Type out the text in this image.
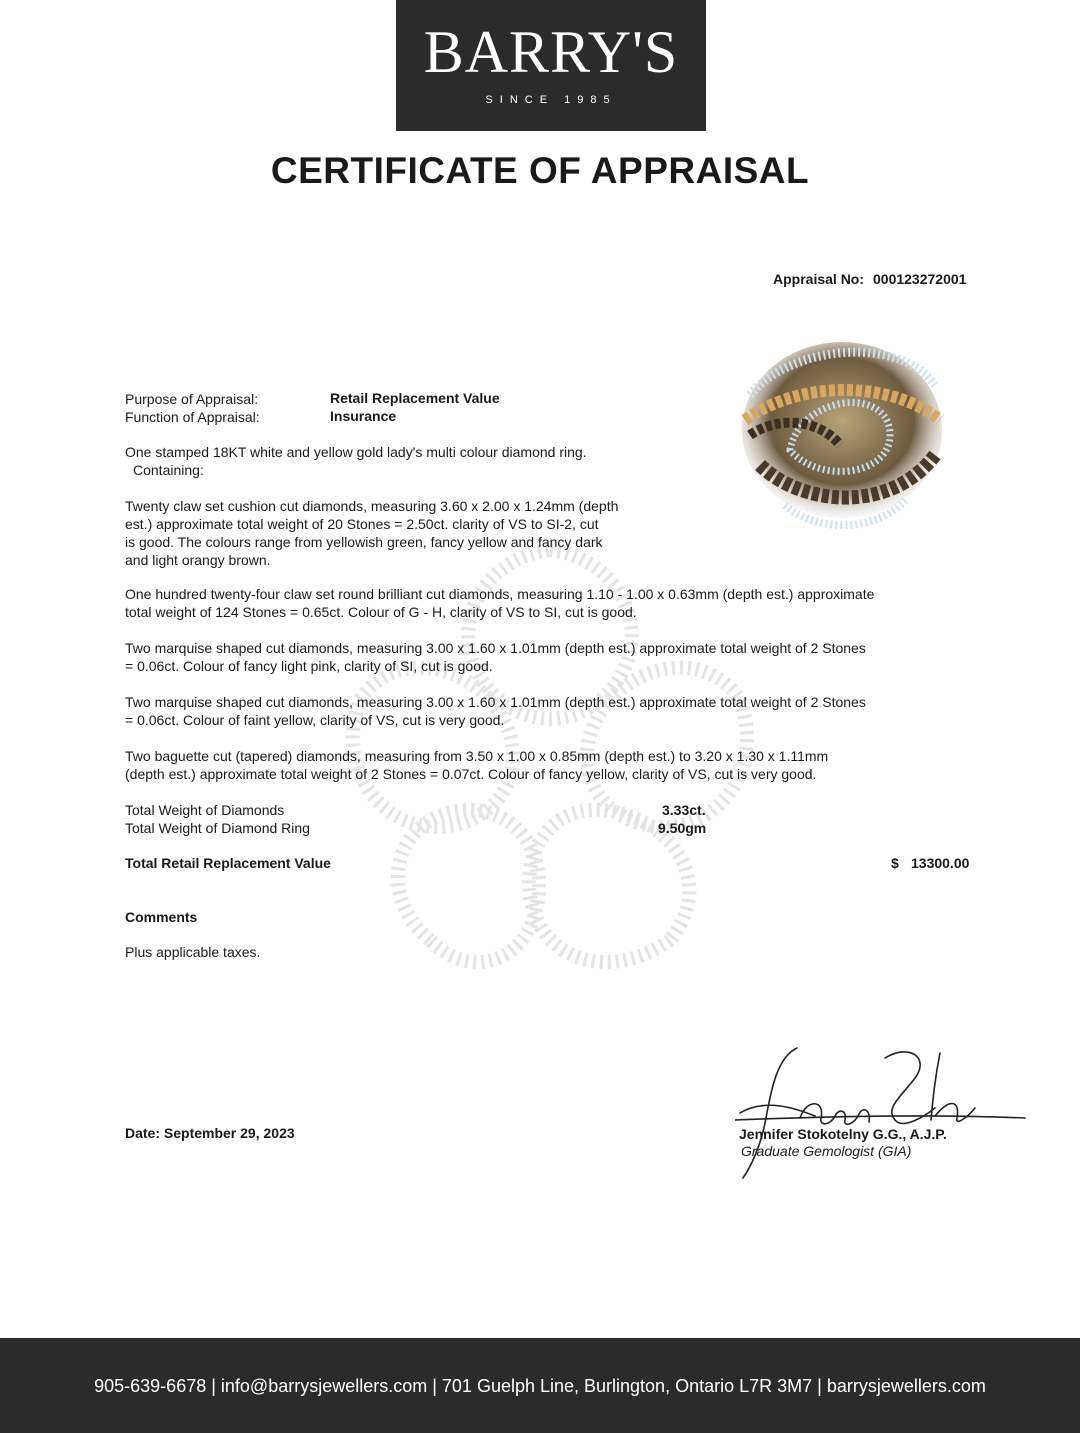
BARRY'S
SINCE 1985
CERTIFICATE OF APPRAISAL
Appraisal No: 000123272001
Purpose of Appraisal:	Retail Replacement Value
Function of Appraisal:	Insurance
One stamped 18KT white and yellow gold lady's multi colour diamond ring.
Containing:
Twenty claw set cushion cut diamonds, measuring 3.60 x 2.00 x 1.24mm (depth
est.) approximate total weight of 20 Stones = 2.50ct. clarity of VS to SI-2, cut
is good. The colours range from yellowish green, fancy yellow and fancy dark
and light orangy brown.
One hundred twenty-four claw set round brilliant cut diamonds, measuring 1.10 - 1.00 x 0.63mm (depth est.) approximate
total weight of 124 Stones = 0.65ct. Colour of G - H, clarity of VS to SI, cut is good.
Two marquise shaped cut diamonds, measuring 3.00 x 1.60 x 1.01mm (depth est.) approximate total weight of 2 Stones
= 0.06ct. Colour of fancy light pink, clarity of SI, cut is good.
Two marquise shaped cut diamonds, measuring 3.00 x 1.60 x 1.01mm (depth est.) approximate total weight of 2 Stones
= 0.06ct. Colour of faint yellow, clarity of VS, cut is very good.
Two baguette cut (tapered) diamonds, measuring from 3.50 x 1.00 x 0.85mm (depth est.) to 3.20 x 1.30 x 1.11mm
(depth est.) approximate total weight of 2 Stones = 0.07ct. Colour of fancy yellow, clarity of VS, cut is very good.
Total Weight of Diamonds	3.33ct.
Total Weight of Diamond Ring	9.50gm
Total Retail Replacement Value	$ 13300.00
Comments
Plus applicable taxes.
Date: September 29, 2023	Jennifer Stokotelny G.G., A.J.P.
Graduate Gemologist (GIA)
905-639-6678 | info@barrysjewellers.com | 701 Guelph Line, Burlington, Ontario L7R 3M7 | barrysjewellers.com
